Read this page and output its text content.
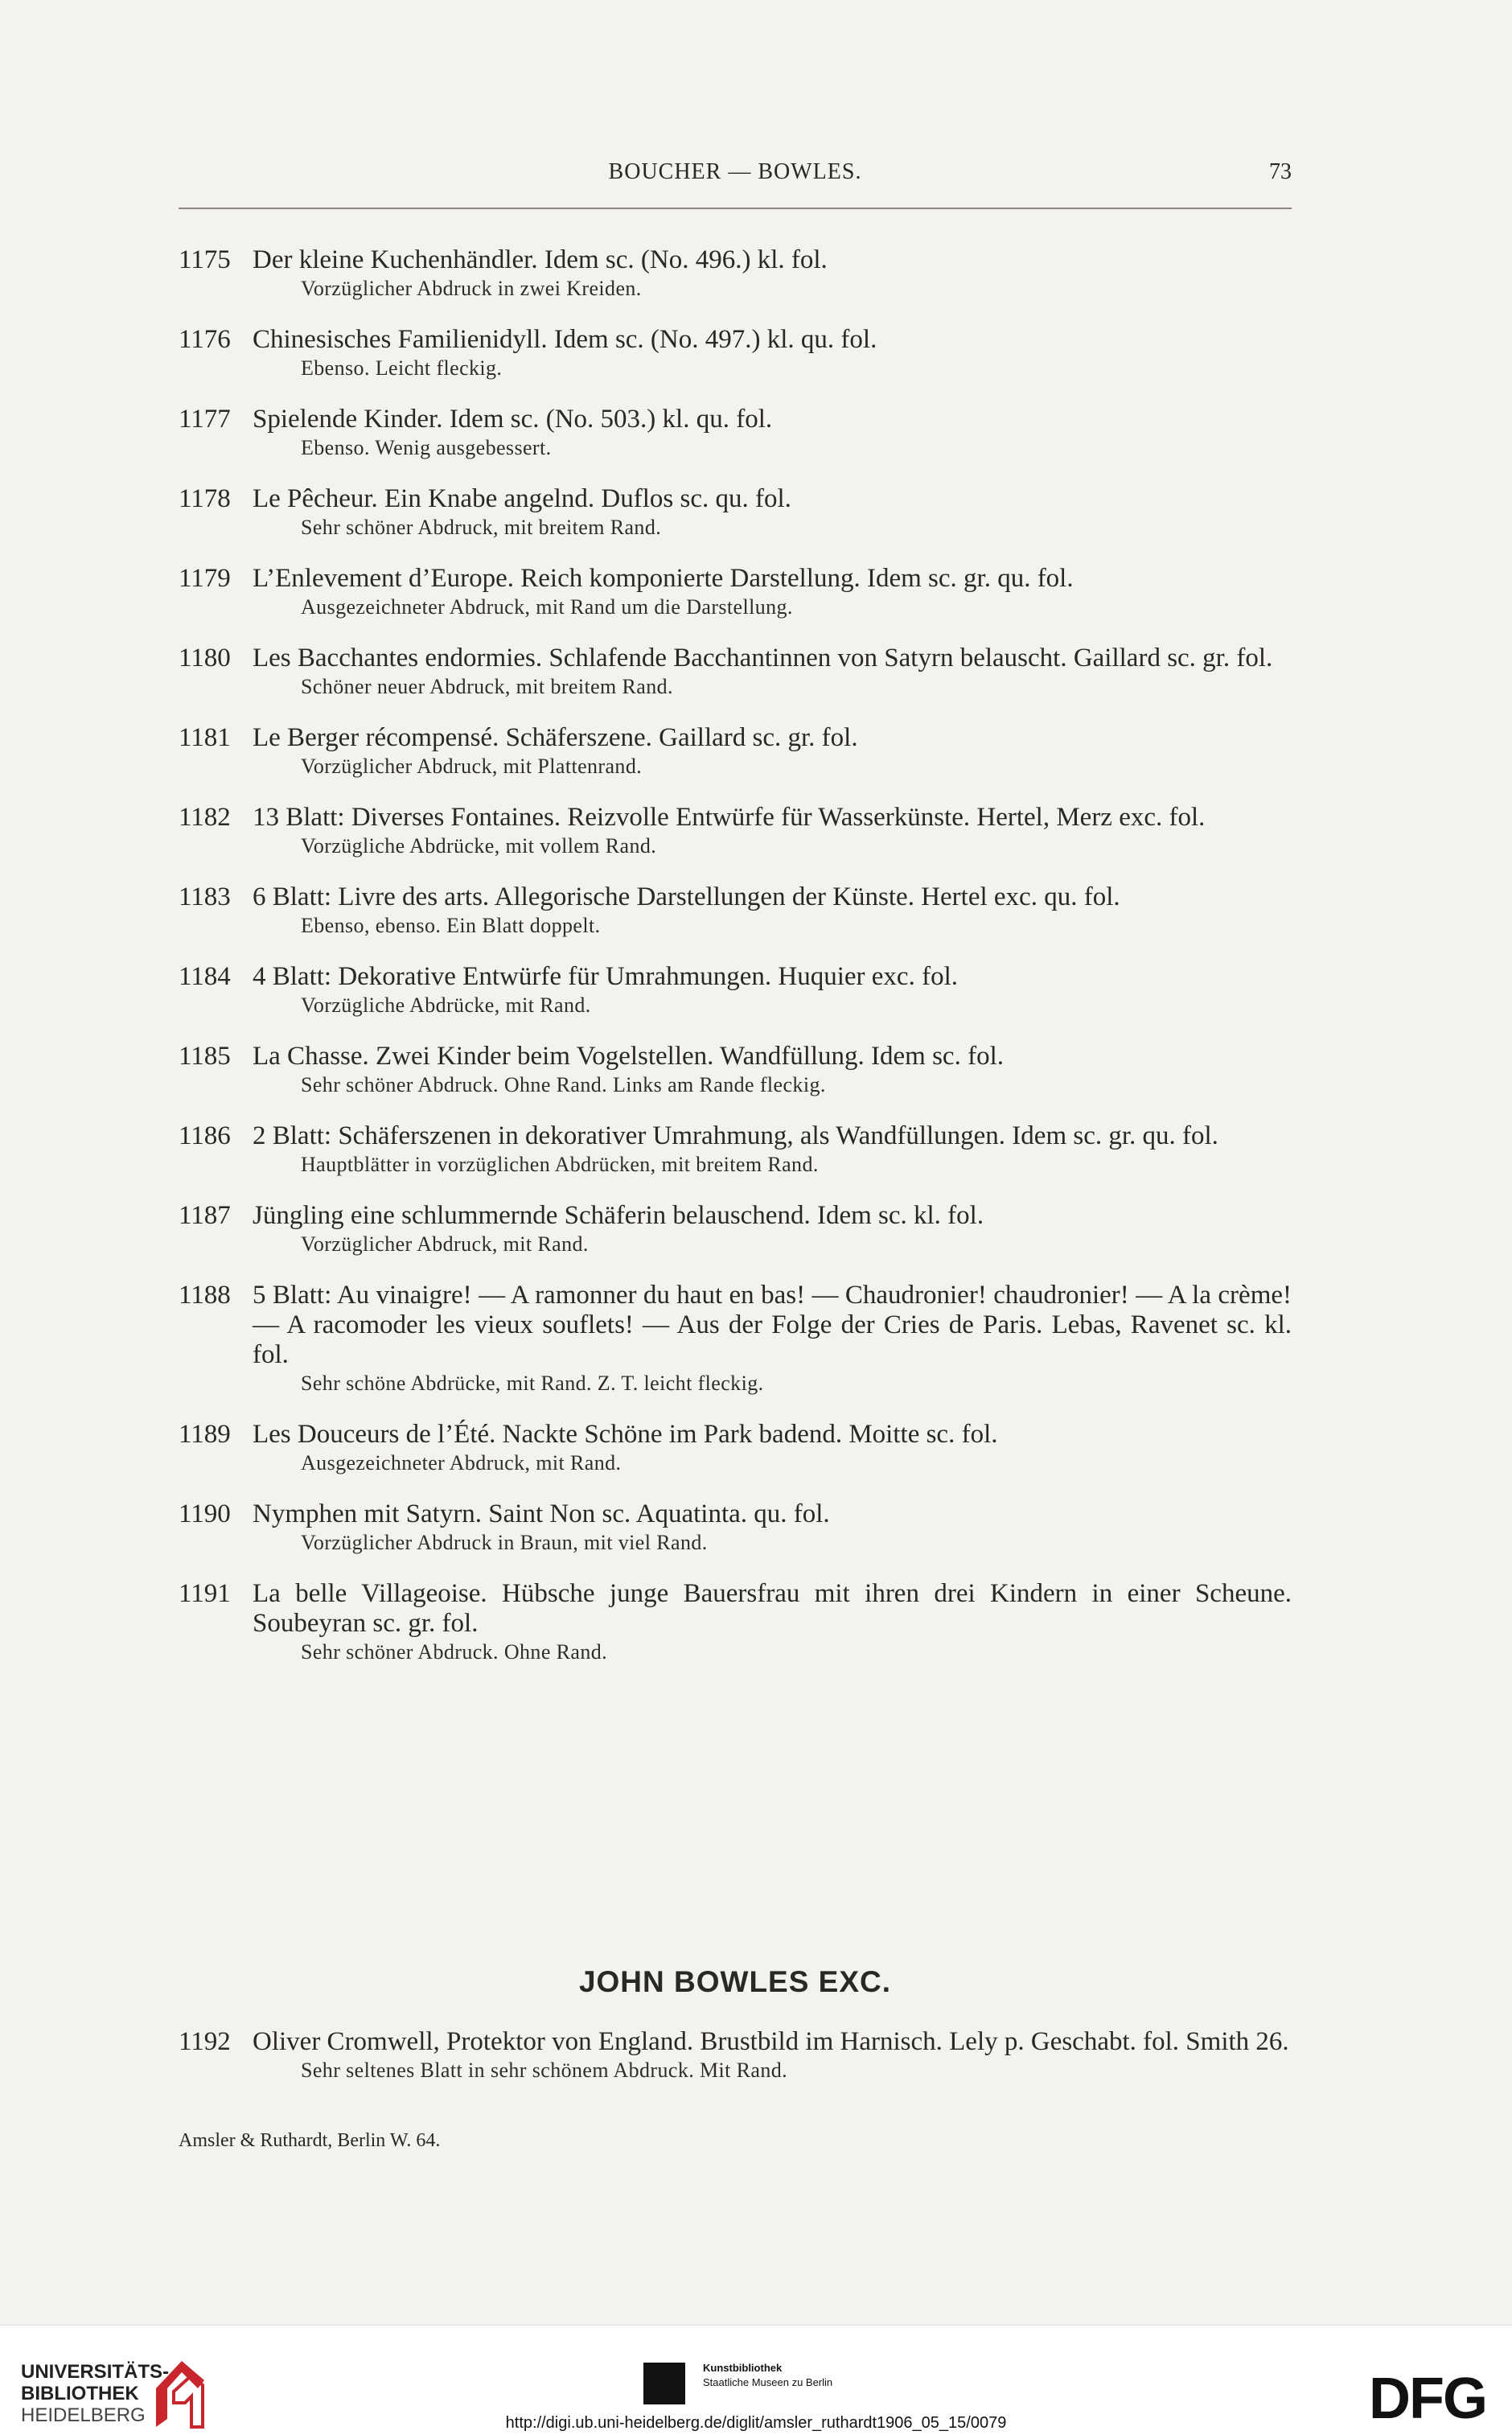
BOUCHER — BOWLES.	73
1175 Der kleine Kuchenhändler. Idem sc. (No. 496.) kl. fol.
Vorzüglicher Abdruck in zwei Kreiden.
1176 Chinesisches Familienidyll. Idem sc. (No. 497.) kl. qu. fol.
Ebenso. Leicht fleckig.
1177 Spielende Kinder. Idem sc. (No. 503.) kl. qu. fol.
Ebenso. Wenig ausgebessert.
1178 Le Pêcheur. Ein Knabe angelnd. Duflos sc. qu. fol.
Sehr schöner Abdruck, mit breitem Rand.
1179 L’Enlevement d’Europe. Reich komponierte Darstellung. Idem sc. gr. qu. fol.
Ausgezeichneter Abdruck, mit Rand um die Darstellung.
1180 Les Bacchantes endormies. Schlafende Bacchantinnen von Satyrn belauscht. Gaillard sc. gr. fol.
Schöner neuer Abdruck, mit breitem Rand.
1181 Le Berger récompensé. Schäferszene. Gaillard sc. gr. fol.
Vorzüglicher Abdruck, mit Plattenrand.
1182 13 Blatt: Diverses Fontaines. Reizvolle Entwürfe für Wasserkünste. Hertel, Merz exc. fol.
Vorzügliche Abdrücke, mit vollem Rand.
1183 6 Blatt: Livre des arts. Allegorische Darstellungen der Künste. Hertel exc. qu. fol.
Ebenso, ebenso. Ein Blatt doppelt.
1184 4 Blatt: Dekorative Entwürfe für Umrahmungen. Huquier exc. fol.
Vorzügliche Abdrücke, mit Rand.
1185 La Chasse. Zwei Kinder beim Vogelstellen. Wandfüllung. Idem sc. fol.
Sehr schöner Abdruck. Ohne Rand. Links am Rande fleckig.
1186 2 Blatt: Schäferszenen in dekorativer Umrahmung, als Wandfüllungen. Idem sc. gr. qu. fol.
Hauptblätter in vorzüglichen Abdrücken, mit breitem Rand.
1187 Jüngling eine schlummernde Schäferin belauschend. Idem sc. kl. fol.
Vorzüglicher Abdruck, mit Rand.
1188 5 Blatt: Au vinaigre! — A ramonner du haut en bas! — Chaudronier! chaudronier! — A la crème! — A racomoder les vieux souflets! — Aus der Folge der Cries de Paris. Lebas, Ravenet sc. kl. fol.
Sehr schöne Abdrücke, mit Rand. Z. T. leicht fleckig.
1189 Les Douceurs de l’Été. Nackte Schöne im Park badend. Moitte sc. fol.
Ausgezeichneter Abdruck, mit Rand.
1190 Nymphen mit Satyrn. Saint Non sc. Aquatinta. qu. fol.
Vorzüglicher Abdruck in Braun, mit viel Rand.
1191 La belle Villageoise. Hübsche junge Bauersfrau mit ihren drei Kindern in einer Scheune. Soubeyran sc. gr. fol.
Sehr schöner Abdruck. Ohne Rand.
JOHN BOWLES EXC.
1192 Oliver Cromwell, Protektor von England. Brustbild im Harnisch. Lely p. Geschabt. fol. Smith 26.
Sehr seltenes Blatt in sehr schönem Abdruck. Mit Rand.
Amsler & Ruthardt, Berlin W. 64.
UNIVERSITÄTS-
BIBLIOTHEK
HEIDELBERG
Kunstbibliothek
Staatliche Museen zu Berlin	DFG
http://digi.ub.uni-heidelberg.de/diglit/amsler_ruthardt1906_05_15/0079
